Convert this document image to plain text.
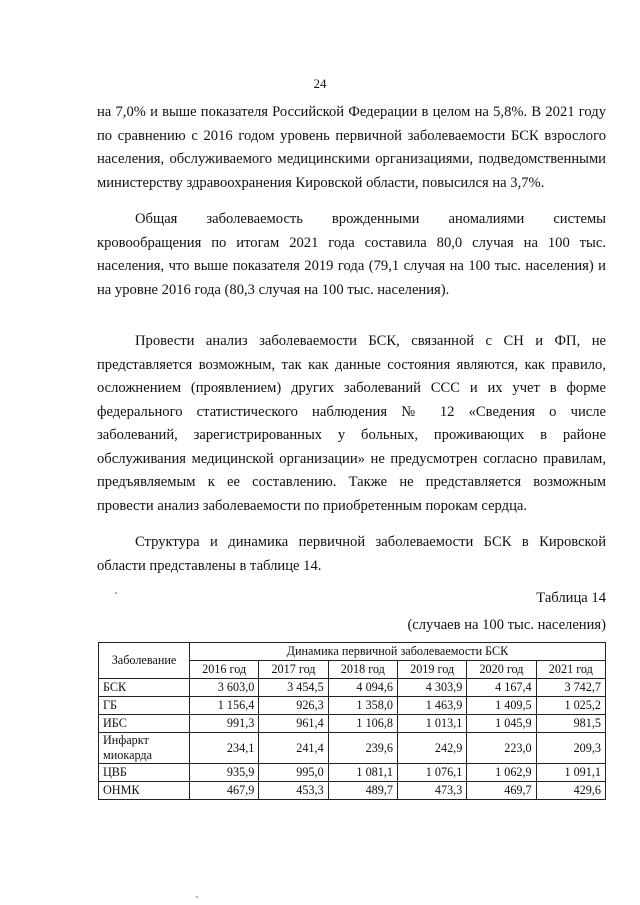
24

на 7,0% и выше показателя Российской Федерации в целом на 5,8%. В 2021 году по сравнению с 2016 годом уровень первичной заболеваемости БСК взрослого населения, обслуживаемого медицинскими организациями, подведомственными министерству здравоохранения Кировской области, повысился на 3,7%.

Общая заболеваемость врожденными аномалиями системы кровообращения по итогам 2021 года составила 80,0 случая на 100 тыс. населения, что выше показателя 2019 года (79,1 случая на 100 тыс. населения) и на уровне 2016 года (80,3 случая на 100 тыс. населения).

Провести анализ заболеваемости БСК, связанной с СН и ФП, не представляется возможным, так как данные состояния являются, как правило, осложнением (проявлением) других заболеваний ССС и их учет в форме федерального статистического наблюдения № 12 «Сведения о числе заболеваний, зарегистрированных у больных, проживающих в районе обслуживания медицинской организации» не предусмотрен согласно правилам, предъявляемым к ее составлению. Также не представляется возможным провести анализ заболеваемости по приобретенным порокам сердца.

Структура и динамика первичной заболеваемости БСК в Кировской области представлены в таблице 14.

Таблица 14
(случаев на 100 тыс. населения)
Заболевание	Динамика первичной заболеваемости БСК					
	2016 год	2017 год	2018 год	2019 год	2020 год	2021 год
БСК	3 603,0	3 454,5	4 094,6	4 303,9	4 167,4	3 742,7
ГБ	1 156,4	926,3	1 358,0	1 463,9	1 409,5	1 025,2
ИБС	991,3	961,4	1 106,8	1 013,1	1 045,9	981,5
Инфаркт миокарда	234,1	241,4	239,6	242,9	223,0	209,3
ЦВБ	935,9	995,0	1 081,1	1 076,1	1 062,9	1 091,1
ОНМК	467,9	453,3	489,7	473,3	469,7	429,6
